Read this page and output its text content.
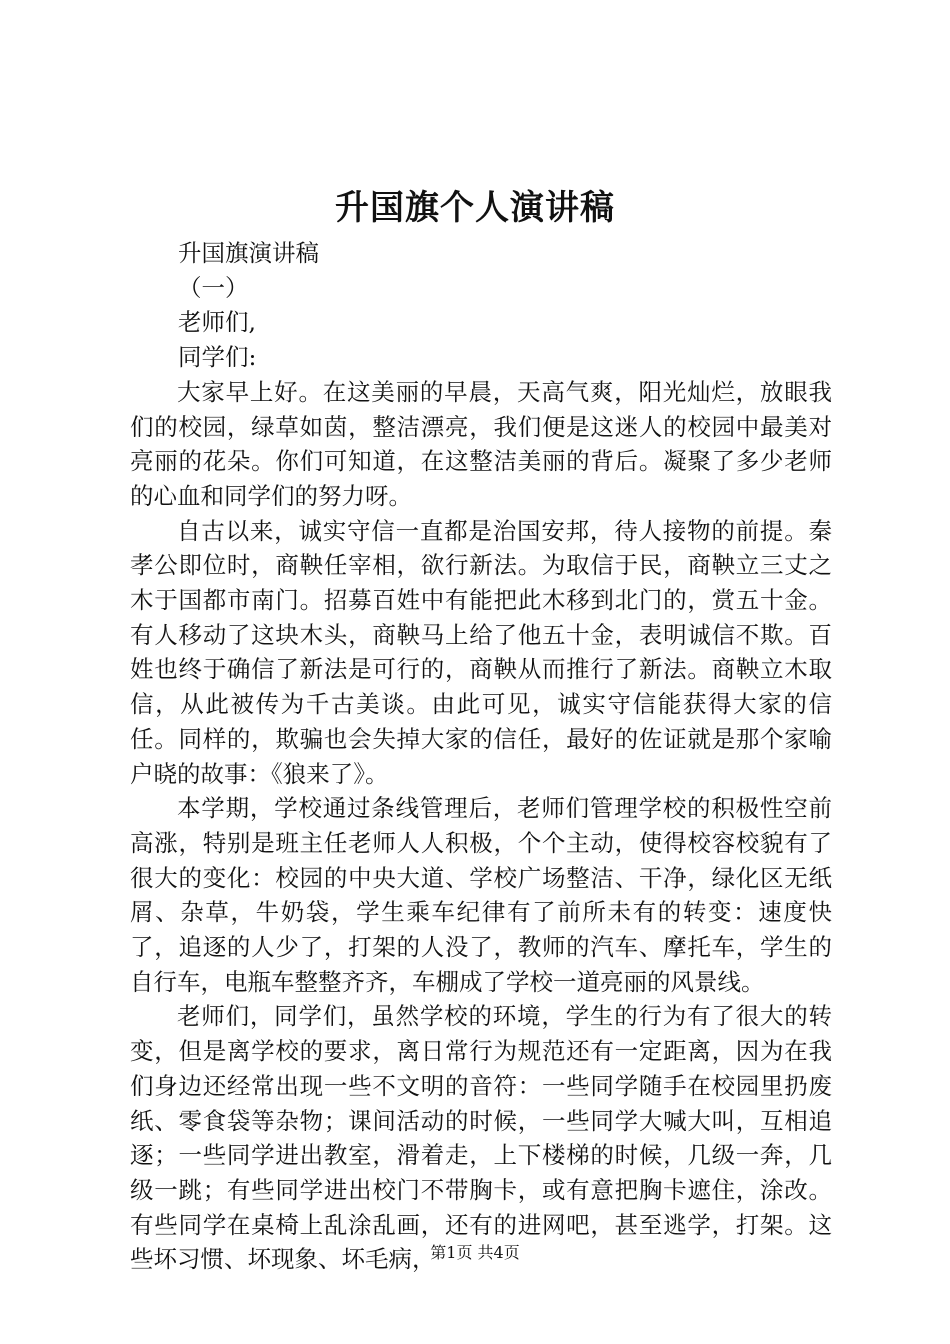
升国旗个人演讲稿

升国旗演讲稿

（一）

老师们,

同学们:

大家早上好。在这美丽的早晨，天高气爽，阳光灿烂，放眼我们的校园，绿草如茵，整洁漂亮，我们便是这迷人的校园中最美对亮丽的花朵。你们可知道，在这整洁美丽的背后。凝聚了多少老师的心血和同学们的努力呀。

自古以来，诚实守信一直都是治国安邦，待人接物的前提。秦孝公即位时，商鞅任宰相，欲行新法。为取信于民，商鞅立三丈之木于国都市南门。招募百姓中有能把此木移到北门的，赏五十金。有人移动了这块木头，商鞅马上给了他五十金，表明诚信不欺。百姓也终于确信了新法是可行的，商鞅从而推行了新法。商鞅立木取信，从此被传为千古美谈。由此可见，诚实守信能获得大家的信任。同样的，欺骗也会失掉大家的信任，最好的佐证就是那个家喻户晓的故事：《狼来了》。

本学期，学校通过条线管理后，老师们管理学校的积极性空前高涨，特别是班主任老师人人积极，个个主动，使得校容校貌有了很大的变化：校园的中央大道、学校广场整洁、干净，绿化区无纸屑、杂草，牛奶袋，学生乘车纪律有了前所未有的转变：速度快了，追逐的人少了，打架的人没了，教师的汽车、摩托车，学生的自行车，电瓶车整整齐齐，车棚成了学校一道亮丽的风景线。

老师们，同学们，虽然学校的环境，学生的行为有了很大的转变，但是离学校的要求，离日常行为规范还有一定距离，因为在我们身边还经常出现一些不文明的音符：一些同学随手在校园里扔废纸、零食袋等杂物；课间活动的时候，一些同学大喊大叫，互相追逐；一些同学进出教室，滑着走，上下楼梯的时候，几级一奔，几级一跳；有些同学进出校门不带胸卡，或有意把胸卡遮住，涂改。有些同学在桌椅上乱涂乱画，还有的进网吧，甚至逃学，打架。这些坏习惯、坏现象、坏毛病，

第1页 共4页
